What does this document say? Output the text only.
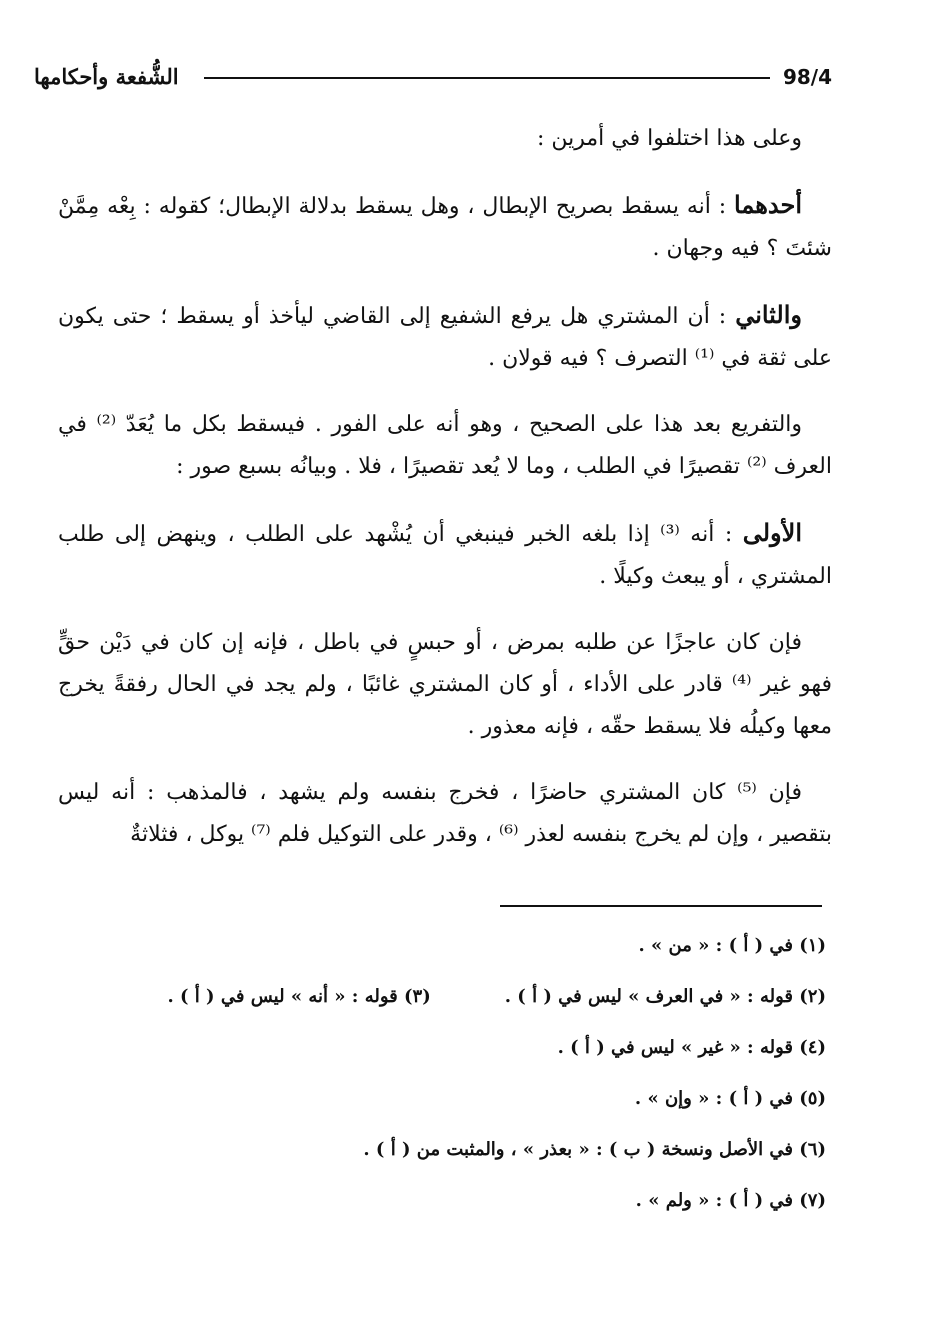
الشُّفعة وأحكامها	98/4

وعلى هذا اختلفوا في أمرين :

أحدهما : أنه يسقط بصريح الإبطال ، وهل يسقط بدلالة الإبطال؛ كقوله : بِعْه مِمَّنْ شئتَ ؟ فيه وجهان .

والثاني : أن المشتري هل يرفع الشفيع إلى القاضي ليأخذ أو يسقط ؛ حتى يكون على ثقة في ⁽¹⁾ التصرف ؟ فيه قولان .

والتفريع بعد هذا على الصحيح ، وهو أنه على الفور . فيسقط بكل ما يُعَدّ ⁽²⁾ في العرف ⁽²⁾ تقصيرًا في الطلب ، وما لا يُعد تقصيرًا ، فلا . وبيانُه بسبع صور :

الأولى : أنه ⁽³⁾ إذا بلغه الخبر فينبغي أن يُشْهد على الطلب ، وينهض إلى طلب المشتري ، أو يبعث وكيلًا .

فإن كان عاجزًا عن طلبه بمرض ، أو حبسٍ في باطل ، فإنه إن كان في دَيْن حقٍّ فهو غير ⁽⁴⁾ قادر على الأداء ، أو كان المشتري غائبًا ، ولم يجد في الحال رفقةً يخرج معها وكيلُه فلا يسقط حقّه ، فإنه معذور .

فإن ⁽⁵⁾ كان المشتري حاضرًا ، فخرج بنفسه ولم يشهد ، فالمذهب : أنه ليس بتقصير ، وإن لم يخرج بنفسه لعذر ⁽⁶⁾ ، وقدر على التوكيل فلم ⁽⁷⁾ يوكل ، فثلاثةٌ

(١) في ( أ ) : « من » .
(٢) قوله : « في العرف » ليس في ( أ ) .
(٣) قوله : « أنه » ليس في ( أ ) .
(٤) قوله : « غير » ليس في ( أ ) .
(٥) في ( أ ) : « وإن » .
(٦) في الأصل ونسخة ( ب ) : « بعذر » ، والمثبت من ( أ ) .
(٧) في ( أ ) : « ولم » .
